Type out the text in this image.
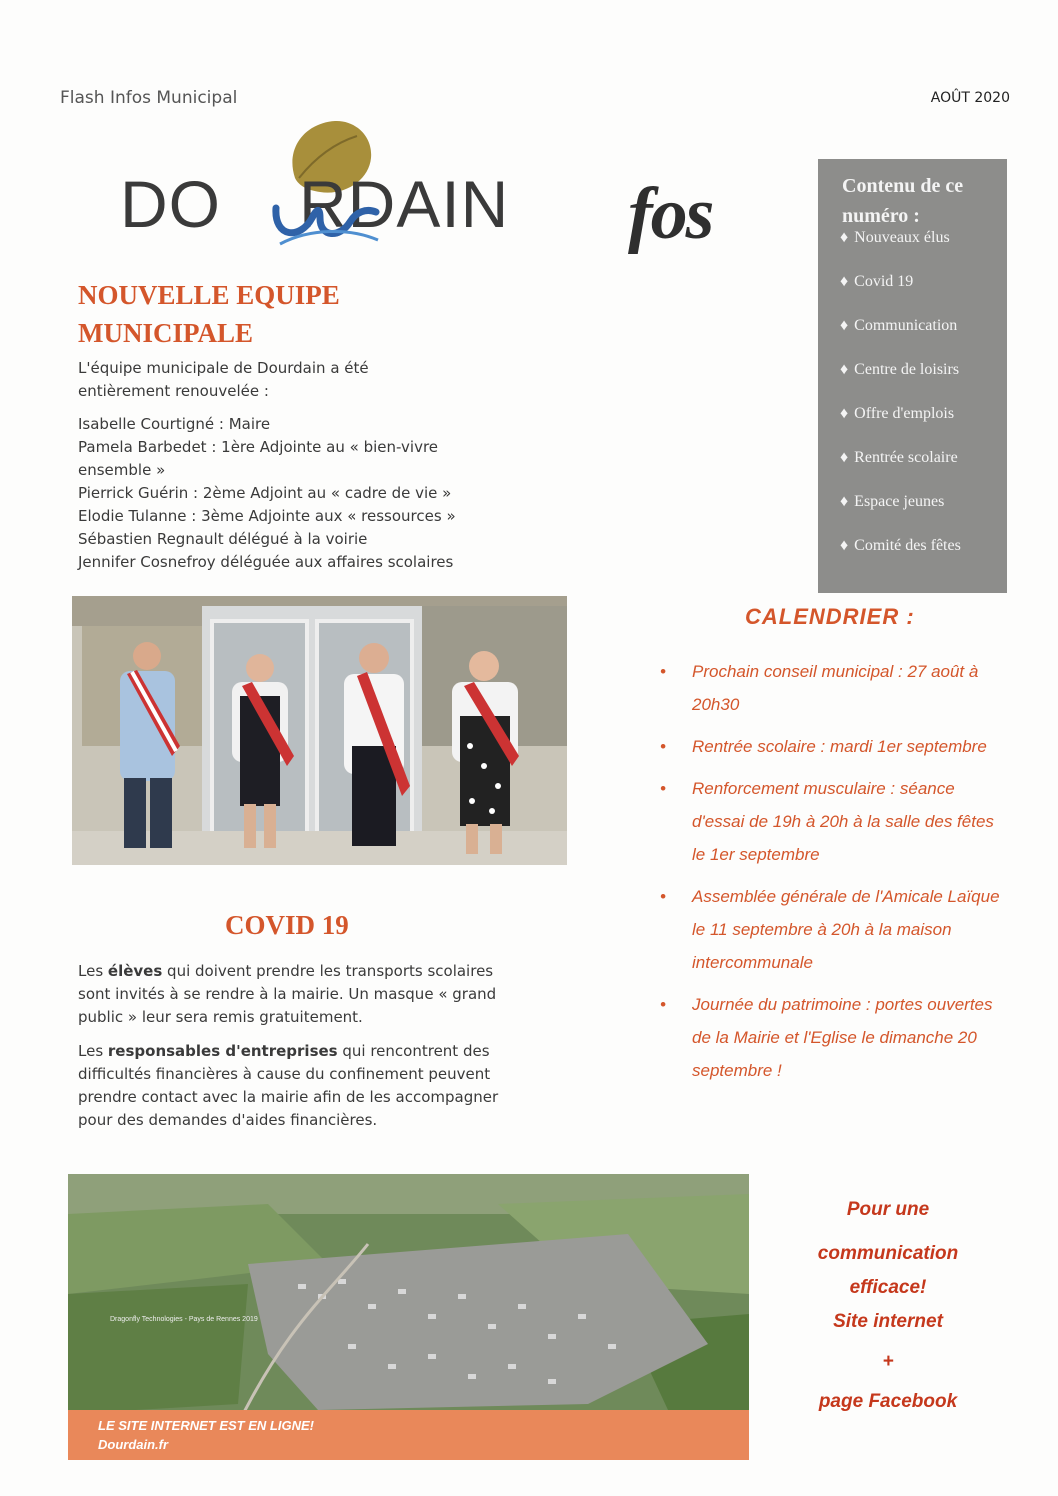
Flash Infos Municipal	AOÛT 2020
DO RDAIN fos	Contenu de ce numéro :
♦ Nouveaux élus
♦ Covid 19
♦ Communication
♦ Centre de loisirs
♦ Offre d'emplois
♦ Rentrée scolaire
♦ Espace jeunes
♦ Comité des fêtes
NOUVELLE EQUIPE MUNICIPALE
L'équipe municipale de Dourdain a été entièrement renouvelée :
Isabelle Courtigné : Maire
Pamela Barbedet : 1ère Adjointe au « bien-vivre
ensemble »
Pierrick Guérin : 2ème Adjoint au « cadre de vie »
Elodie Tulanne : 3ème Adjointe aux « ressources »
Sébastien Regnault délégué à la voirie
Jennifer Cosnefroy déléguée aux affaires scolaires
COVID 19
Les élèves qui doivent prendre les transports scolaires sont invités à se rendre à la mairie. Un masque « grand public » leur sera remis gratuitement.
Les responsables d'entreprises qui rencontrent des difficultés financières à cause du confinement peuvent prendre contact avec la mairie afin de les accompagner pour des demandes d'aides financières.
CALENDRIER :
• Prochain conseil municipal : 27 août à 20h30
• Rentrée scolaire : mardi 1er septembre
• Renforcement musculaire : séance d'essai de 19h à 20h à la salle des fêtes le 1er septembre
• Assemblée générale de l'Amicale Laïque le 11 septembre à 20h à la maison intercommunale
• Journée du patrimoine : portes ouvertes de la Mairie et l'Eglise le dimanche 20 septembre !
Dragonfly Technologies - Pays de Rennes 2019
LE SITE INTERNET EST EN LIGNE!
Dourdain.fr
Pour une
communication
efficace!
Site internet
+
page Facebook
